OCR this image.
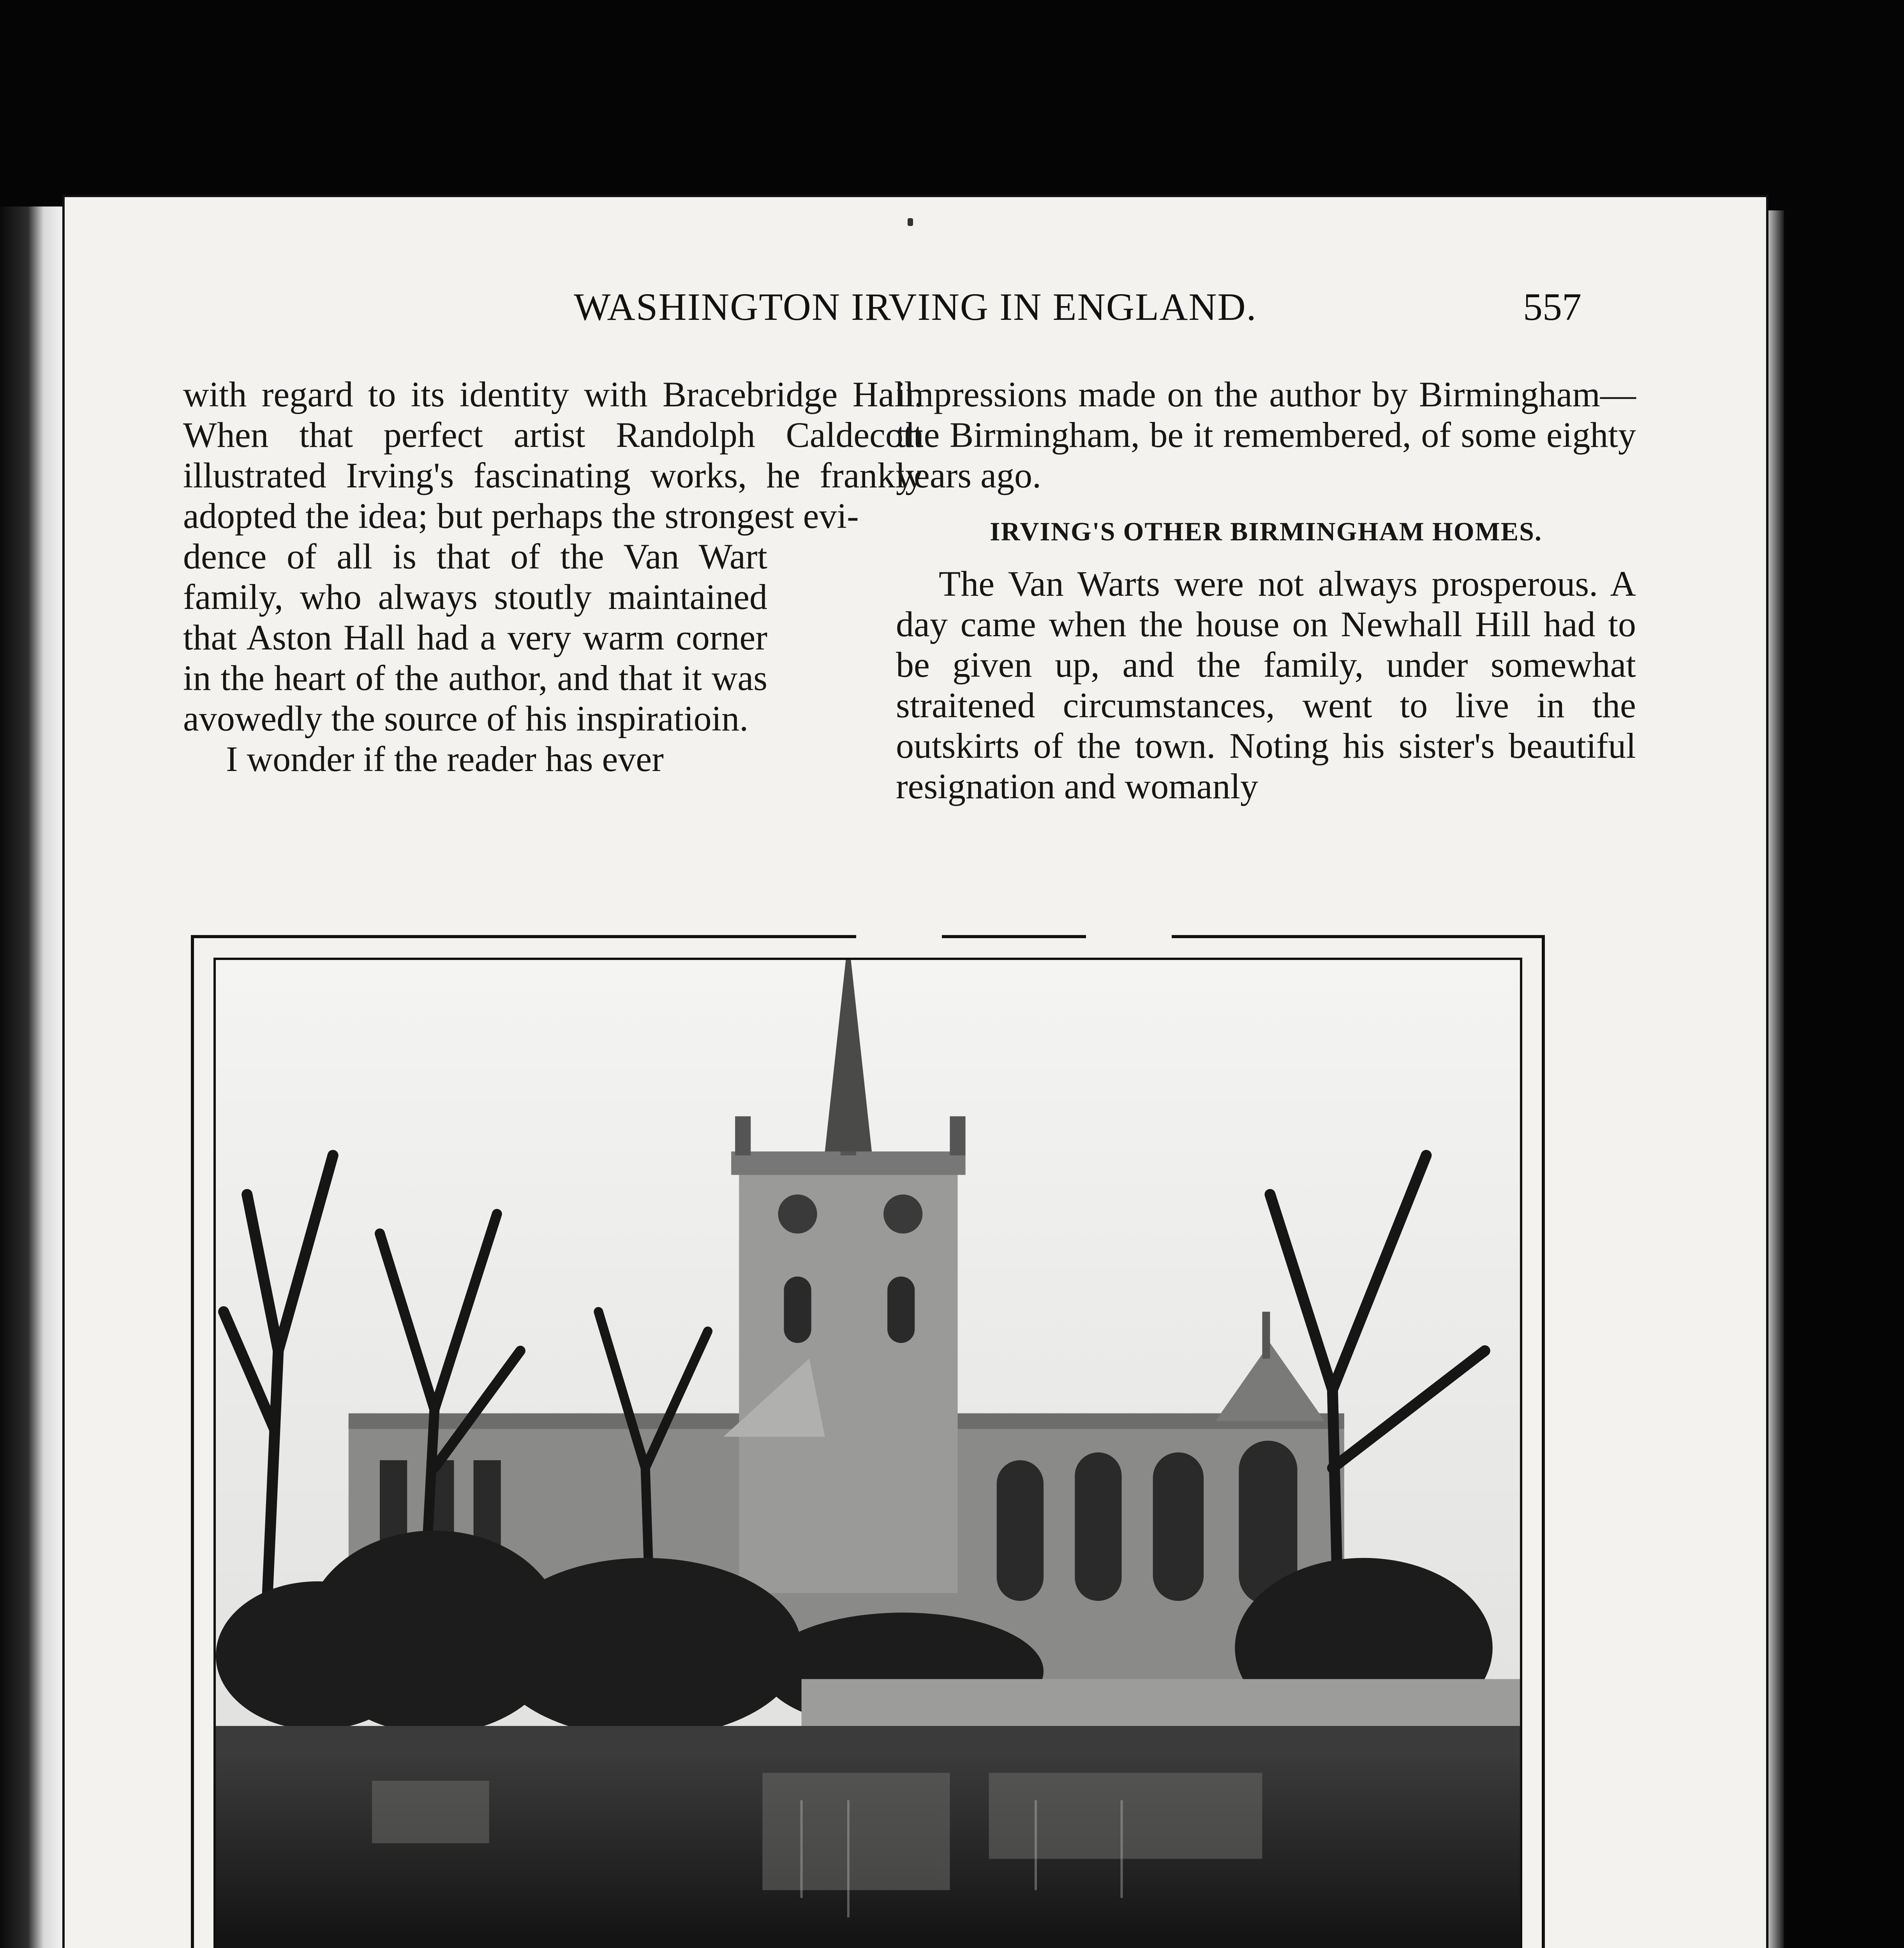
WASHINGTON IRVING IN ENGLAND.	557

with regard to its identity with Bracebridge Hall. When that perfect artist Randolph Caldecott illustrated Irving's fascinating works, he frankly adopted the idea; but perhaps the strongest evi-

dence of all is that of the Van Wart family, who always stoutly maintained that Aston Hall had a very warm corner in the heart of the author, and that it was avowedly the source of his inspiratioin.

I wonder if the reader has ever

impressions made on the author by Birmingham—the Birmingham, be it remembered, of some eighty years ago.

IRVING'S OTHER BIRMINGHAM HOMES.

The Van Warts were not always prosperous. A day came when the house on Newhall Hill had to be given up, and the family, under somewhat straitened circumstances, went to live in the outskirts of the town. Noting his sister's beautiful resignation and womanly
